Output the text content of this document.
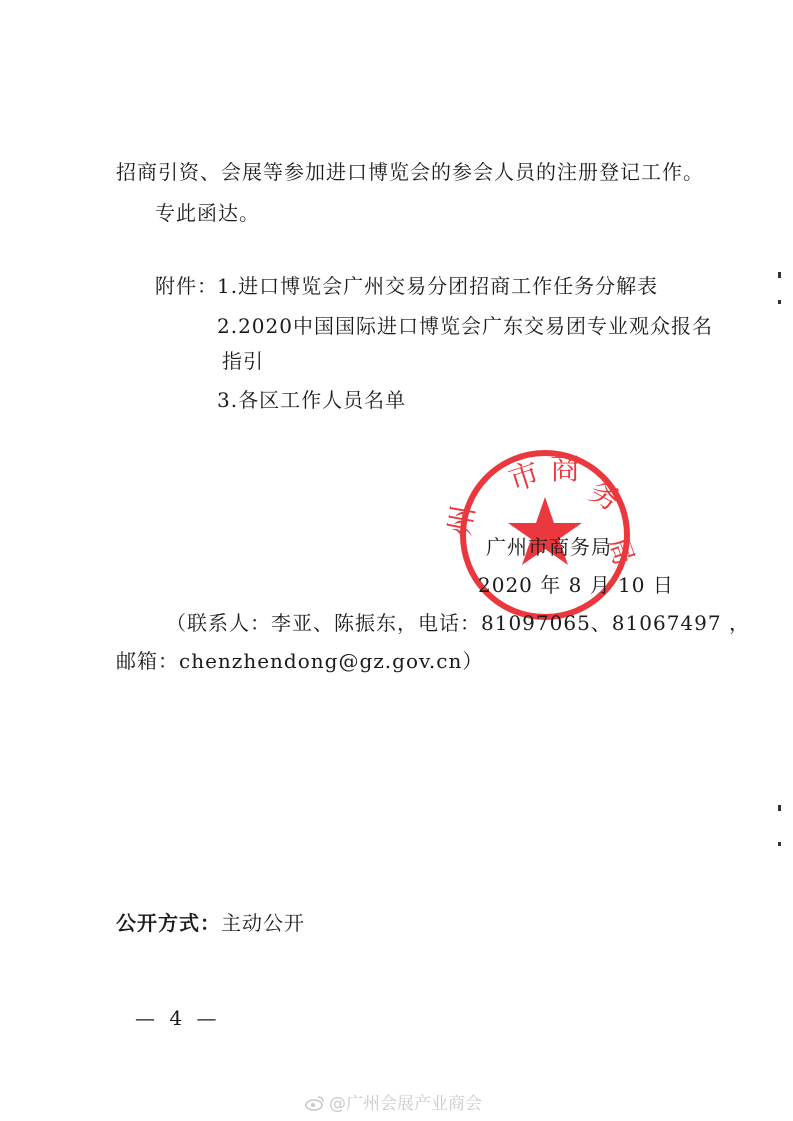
招商引资、会展等参加进口博览会的参会人员的注册登记工作。
专此函达。
附件： 1.进口博览会广州交易分团招商工作任务分解表
2.2020中国国际进口博览会广东交易团专业观众报名
指引
3.各区工作人员名单
市 商
务
局
州
广州市商务局
2020 年 8 月 10 日
（联系人：李亚、陈振东，电话：81097065、81067497 ，
邮箱：chenzhendong@gz.gov.cn）
公开方式：主动公开
— 4 —
@广州会展产业商会
